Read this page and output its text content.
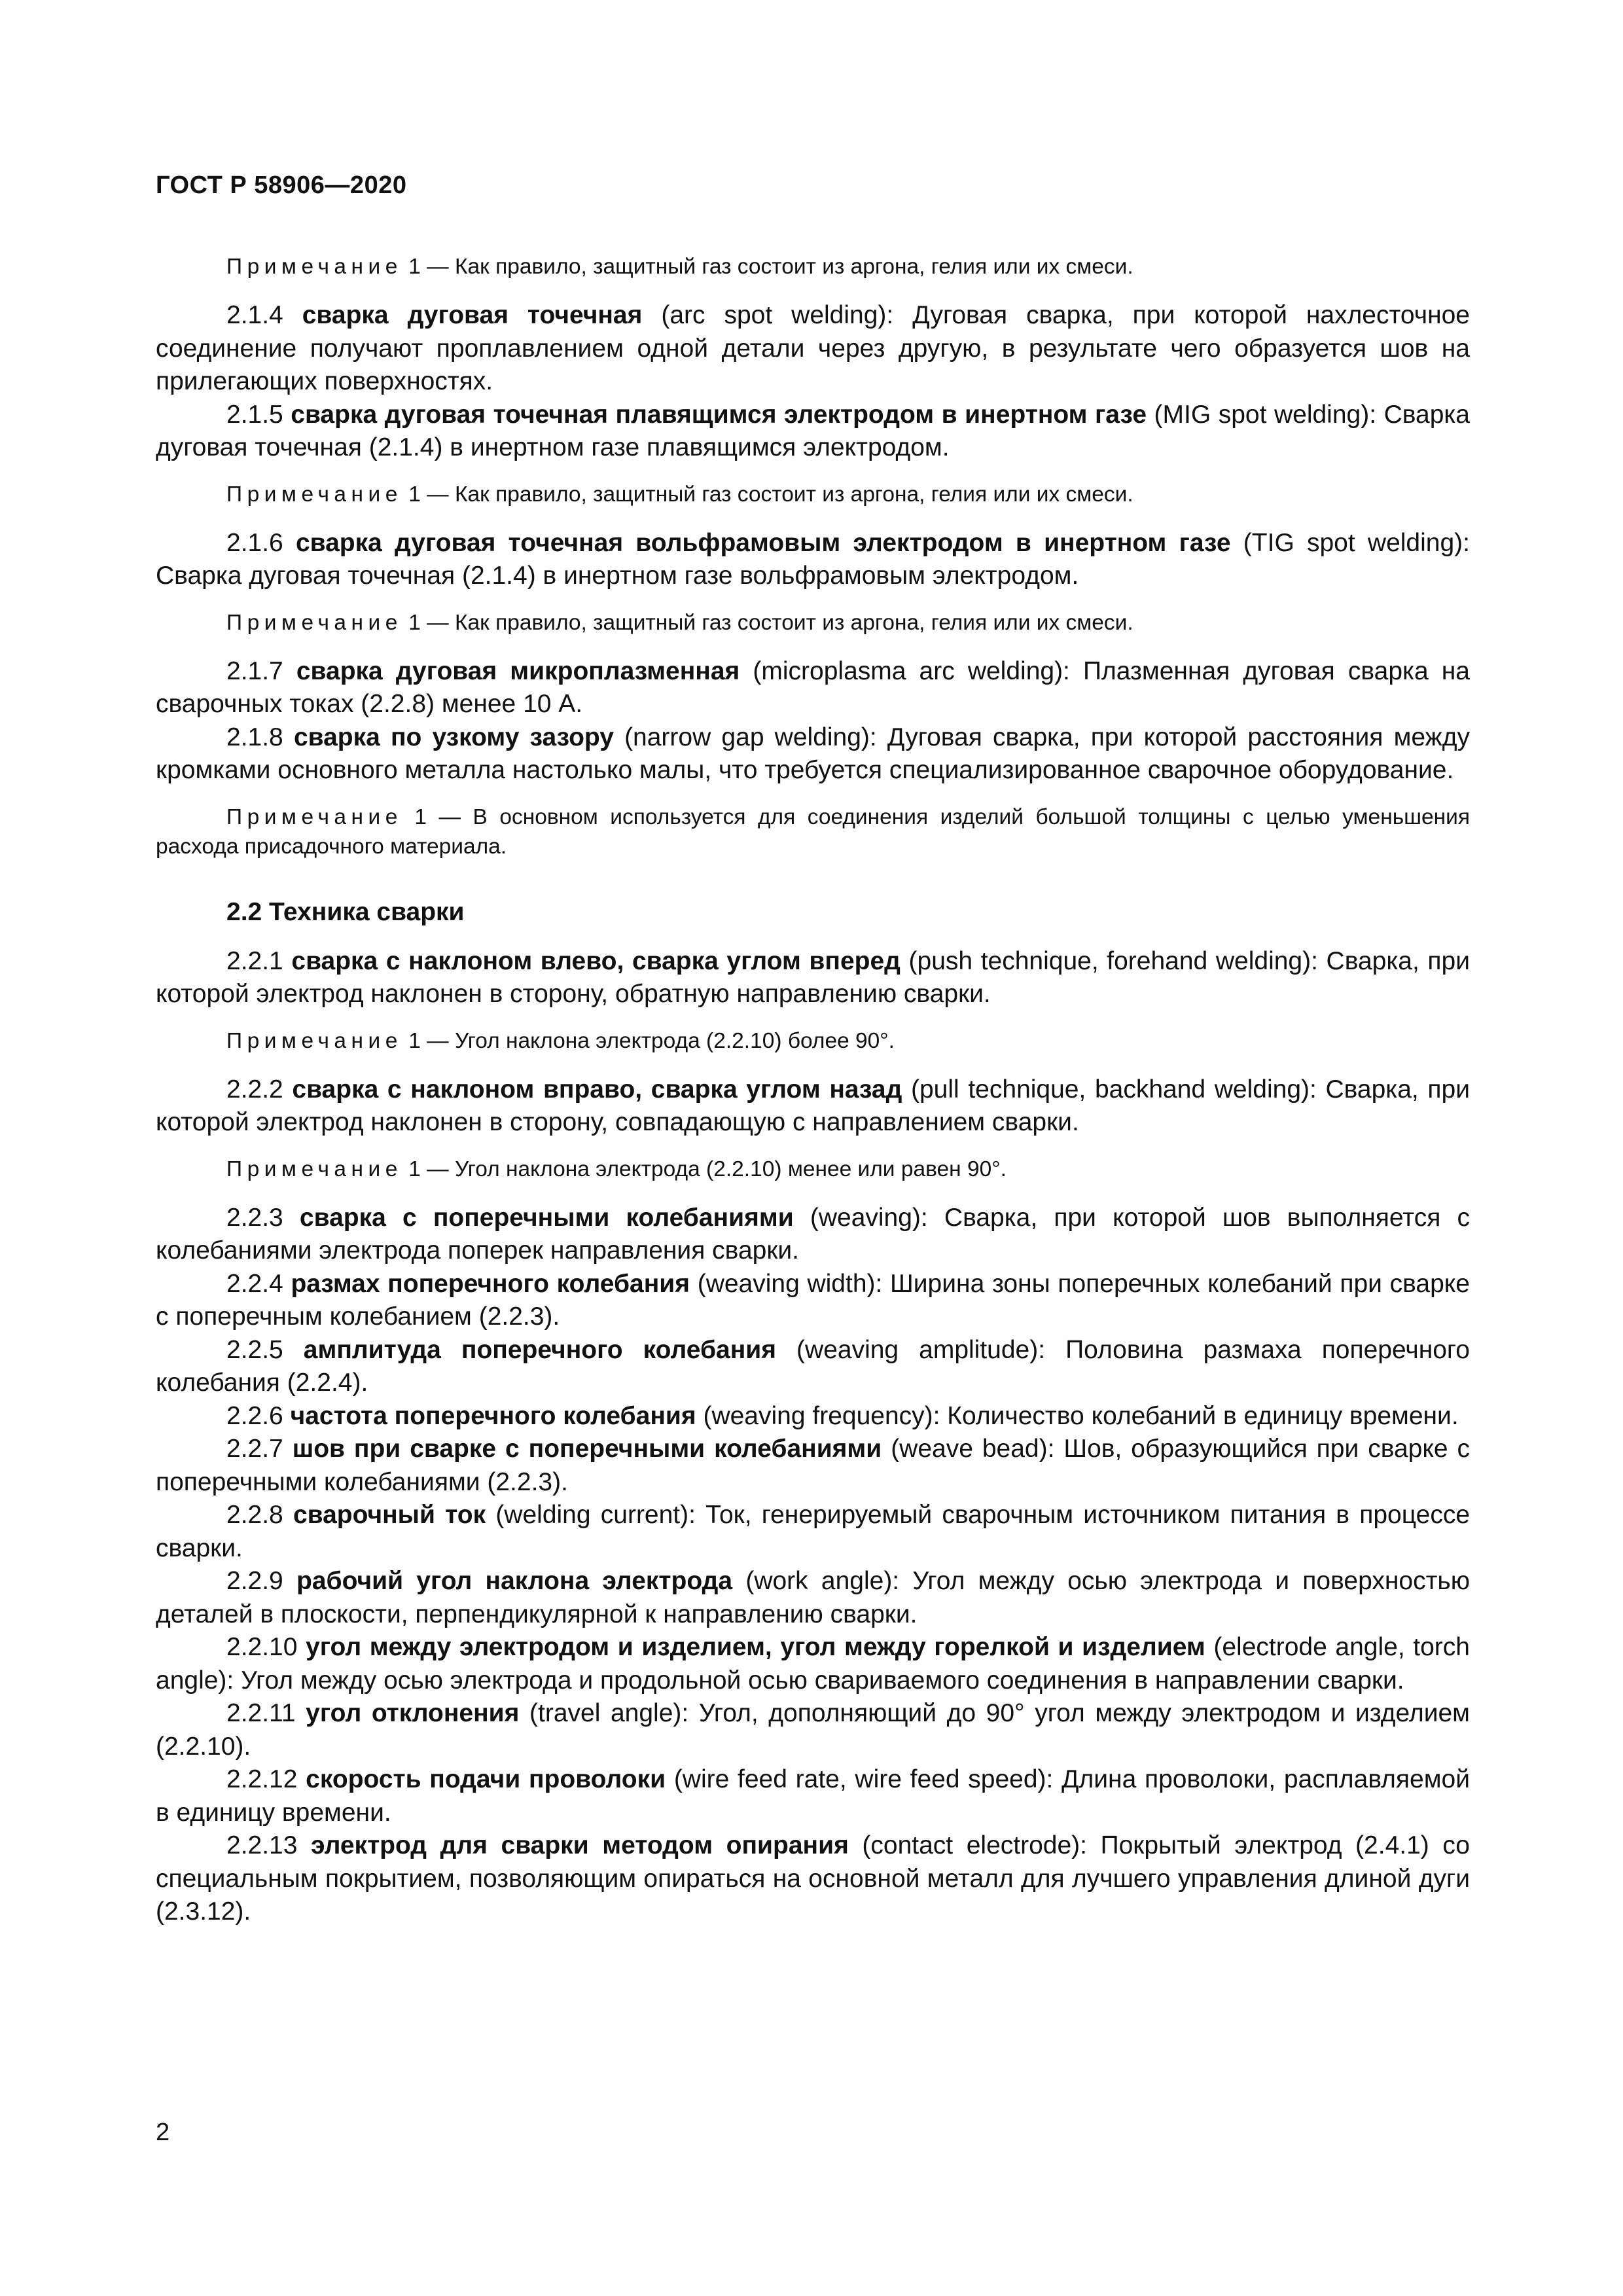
ГОСТ Р 58906—2020

Примечание 1 — Как правило, защитный газ состоит из аргона, гелия или их смеси.

2.1.4 сварка дуговая точечная (arc spot welding): Дуговая сварка, при которой нахлесточное соединение получают проплавлением одной детали через другую, в результате чего образуется шов на прилегающих поверхностях.

2.1.5 сварка дуговая точечная плавящимся электродом в инертном газе (MIG spot welding): Сварка дуговая точечная (2.1.4) в инертном газе плавящимся электродом.

Примечание 1 — Как правило, защитный газ состоит из аргона, гелия или их смеси.

2.1.6 сварка дуговая точечная вольфрамовым электродом в инертном газе (TIG spot welding): Сварка дуговая точечная (2.1.4) в инертном газе вольфрамовым электродом.

Примечание 1 — Как правило, защитный газ состоит из аргона, гелия или их смеси.

2.1.7 сварка дуговая микроплазменная (microplasma arc welding): Плазменная дуговая сварка на сварочных токах (2.2.8) менее 10 А.

2.1.8 сварка по узкому зазору (narrow gap welding): Дуговая сварка, при которой расстояния между кромками основного металла настолько малы, что требуется специализированное сварочное оборудование.

Примечание 1 — В основном используется для соединения изделий большой толщины с целью уменьшения расхода присадочного материала.

2.2 Техника сварки

2.2.1 сварка с наклоном влево, сварка углом вперед (push technique, forehand welding): Сварка, при которой электрод наклонен в сторону, обратную направлению сварки.

Примечание 1 — Угол наклона электрода (2.2.10) более 90°.

2.2.2 сварка с наклоном вправо, сварка углом назад (pull technique, backhand welding): Сварка, при которой электрод наклонен в сторону, совпадающую с направлением сварки.

Примечание 1 — Угол наклона электрода (2.2.10) менее или равен 90°.

2.2.3 сварка с поперечными колебаниями (weaving): Сварка, при которой шов выполняется с колебаниями электрода поперек направления сварки.

2.2.4 размах поперечного колебания (weaving width): Ширина зоны поперечных колебаний при сварке с поперечным колебанием (2.2.3).

2.2.5 амплитуда поперечного колебания (weaving amplitude): Половина размаха поперечного колебания (2.2.4).

2.2.6 частота поперечного колебания (weaving frequency): Количество колебаний в единицу времени.

2.2.7 шов при сварке с поперечными колебаниями (weave bead): Шов, образующийся при сварке с поперечными колебаниями (2.2.3).

2.2.8 сварочный ток (welding current): Ток, генерируемый сварочным источником питания в процессе сварки.

2.2.9 рабочий угол наклона электрода (work angle): Угол между осью электрода и поверхностью деталей в плоскости, перпендикулярной к направлению сварки.

2.2.10 угол между электродом и изделием, угол между горелкой и изделием (electrode angle, torch angle): Угол между осью электрода и продольной осью свариваемого соединения в направлении сварки.

2.2.11 угол отклонения (travel angle): Угол, дополняющий до 90° угол между электродом и изделием (2.2.10).

2.2.12 скорость подачи проволоки (wire feed rate, wire feed speed): Длина проволоки, расплавляемой в единицу времени.

2.2.13 электрод для сварки методом опирания (contact electrode): Покрытый электрод (2.4.1) со специальным покрытием, позволяющим опираться на основной металл для лучшего управления длиной дуги (2.3.12).

2
